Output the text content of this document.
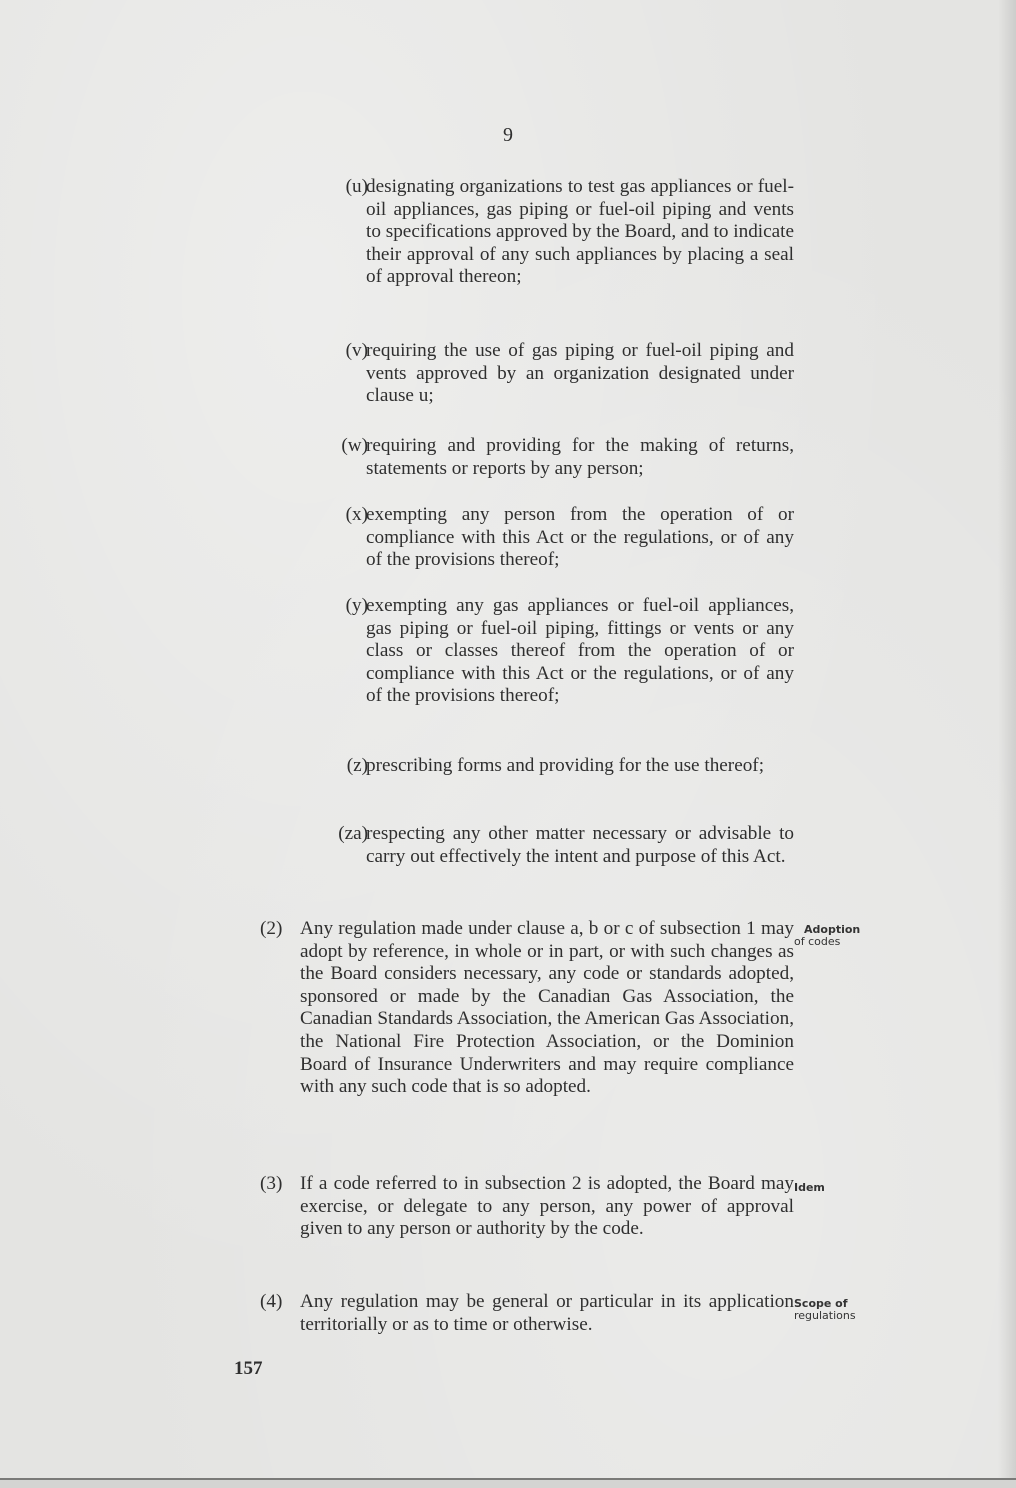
9
(u)
designating organizations to test gas appliances or fuel-oil appliances, gas piping or fuel-oil piping and vents to specifications approved by the Board, and to indicate their approval of any such appliances by placing a seal of approval thereon;
(v)
requiring the use of gas piping or fuel-oil piping and vents approved by an organization designated under clause u;
(w)
requiring and providing for the making of returns, statements or reports by any person;
(x)
exempting any person from the operation of or compliance with this Act or the regulations, or of any of the provisions thereof;
(y)
exempting any gas appliances or fuel-oil appliances, gas piping or fuel-oil piping, fittings or vents or any class or classes thereof from the operation of or compliance with this Act or the regulations, or of any of the provisions thereof;
(z)
prescribing forms and providing for the use thereof;
(za)
respecting any other matter necessary or advisable to carry out effectively the intent and purpose of this Act.
(2) Any regulation made under clause a, b or c of subsection 1 may adopt by reference, in whole or in part, or with such changes as the Board considers necessary, any code or standards adopted, sponsored or made by the Canadian Gas Association, the Canadian Standards Association, the American Gas Association, the National Fire Protection Association, or the Dominion Board of Insurance Underwriters and may require compliance with any such code that is so adopted.
Adoption
of codes
(3) If a code referred to in subsection 2 is adopted, the Board may exercise, or delegate to any person, any power of approval given to any person or authority by the code.
Idem
(4) Any regulation may be general or particular in its application territorially or as to time or otherwise.
Scope of
regulations
157
